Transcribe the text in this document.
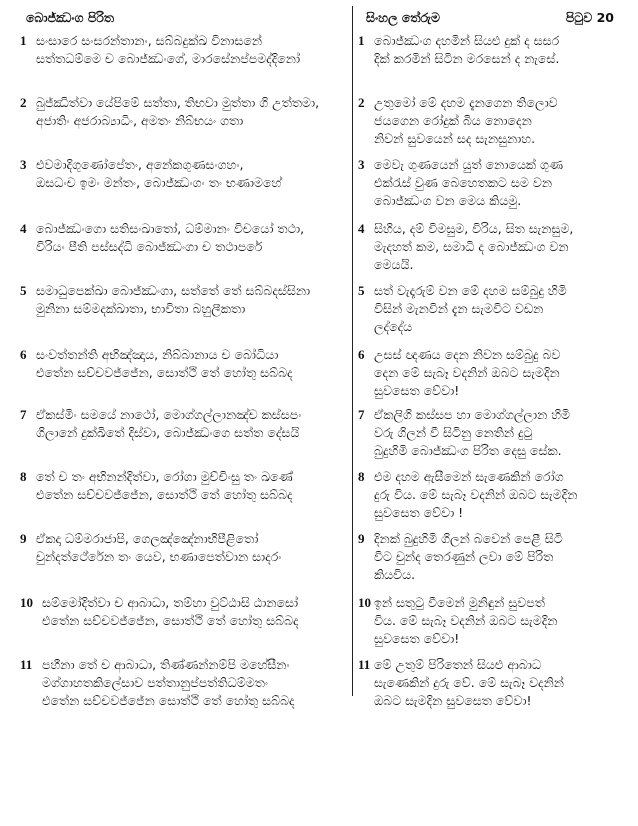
බොජ්ඣංග පිරිත	සිංහල තේරුම	පිටුව 20
1 සංසාරෙ සංසරන්තානං, සබ්බදුක්ඛ විනාසනේ
සත්තධම්මෙ ච බොජ්ඣංගේ, මාරසේනප්පමද්දිනෝ
2 බුජ්ඣිත්වා යේපිමේ සත්තා, තිභවා මුත්තා ගි උත්තමා,
අජාතිං අජරාබ්‍යාධිං, අමතං නිබ්භයං ගතා
3 එවමාදිගුණෝපේතං, අනේකගුණසංගහං,
ඔසධංච ඉමං මන්තං, බොජ්ඣංගං තං භණාමහේ
4 බොජ්ඣංගො සතිසංඛාතෝ, ධම්මානං විචයෝ තථා,
විරියං පීති පස්සද්ධි බොජ්ඣංගා ච තථාපරේ
5 සමාධුපෙක්ඛා බොජ්ඣංගා, සත්තේ තේ සබ්බදස්සිනා
මුනිනා සම්මදක්ඛාතා, භාවිතා බහුලීකතා
6 සංවත්තන්ති අභිඤ්ඤාය, නිබ්බානාය ච බෝධියා
එතේන සච්චවජ්ජේන, සොත්ථි තේ හෝතු සබ්බද
7 ඒකස්මිං සමයේ නාථෝ, මොග්ගල්ලානඤ්ච කස්සපං
ගිලානේ දුක්ඛිතේ දිස්වා, බොජ්ඣංගෙ සත්ත දේසයි
8 තේ ච තං අභිනන්දිත්වා, රෝගා මුච්චිංසු තං ඛණේ
එතේන සච්චවජ්ජේන, සොත්ථි තේ හෝතු සබ්බද
9 ඒකදා ධම්මරාජාපි, ගෙලඤ්ඤේනාභිපීළිතෝ
චුන්දත්ථේරේන තං යෙව, භණාපෙත්වාන සාදරං
10 සම්මෝදිත්වා ච ආබාධා, තම්හා වුට්ඨාසි ඨානසෝ
එතේන සච්චවජ්ජේන, සොත්ථි තේ හෝතු සබ්බද
11 පහීනා තේ ච ආබාධා, තිණ්ණන්නම්පි මහේසීනං
මග්ගාහතකිලේසාව පත්තානුප්පත්තිධම්මතං
එතේන සච්චවජ්ජේන සොත්ථි තේ හෝතු සබ්බද
1 බොජ්ඣංග දහමින් සියළු දුක් ද සසර
දික් කරමින් සිටින මරසෙන් ද නැසේ.
2 උතුමෝ මේ දහම දැනගෙන තිලොව
ජයගෙන රෝදුක් බිය නොදෙන
නිවන් සුවයෙන් සද සැනසුනාහ.
3 මෙවැ ගුණයෙන් යුත් නොයෙක් ගුණ
එක්රැස් වුණ බෙහෙතකට සම වන
බොජ්ඣංග වන මෙය කියමු.
4 සිහිය, දම් විමසුම, විරිය, සිත සැනසුම,
මැදහත් කම, සමාධි ද බොජ්ඣංග වන
මෙයයි.
5 සත් වැදෑරුම් වන මේ දහම සම්බුදු හිමි
විසින් මැනවින් දැන සැමවිට වඩන
ලද්දේය
6 උසස් ඥණය දෙන නිවන සම්බුදු බව
දෙන මේ සැබෑ වදනින් ඔබට සැමදින
සුවසෙත වේවා!
7 ඒකලිගි කස්සප හා මොග්ගල්ලාන හිමි
වරු ගිලන් වී සිටිනු නෙතින් දුටු
බුදුහිමි බොජ්ඣංග පිරිත දෙසු සේක.
8 එම දහම ඇසීමෙන් සැණෙකින් රෝග
දුරු විය. මේ සැබෑ වදනින් ඔබට සැමදින
සුවසෙත වේවා !
9 දිනක් බුදුහිමි ගිලන් බවෙන් පෙළී සිටි
විට චුන්ද තෙරණුන් ලවා මේ පිරිත
කියවිය.
10 ඉන් සතුටු වීමෙන් මුනිඳුන් සුවපත්
විය. මේ සැබෑ වදනින් ඔබට සැමදින
සුවසෙත වේවා!
11 මේ උතුම් පිරිතෙන් සියළු ආබාධ
සැණෙකින් දුරු වේ. මේ සැබෑ වදනින්
ඔබට සැමදින සුවසෙත වේවා!
